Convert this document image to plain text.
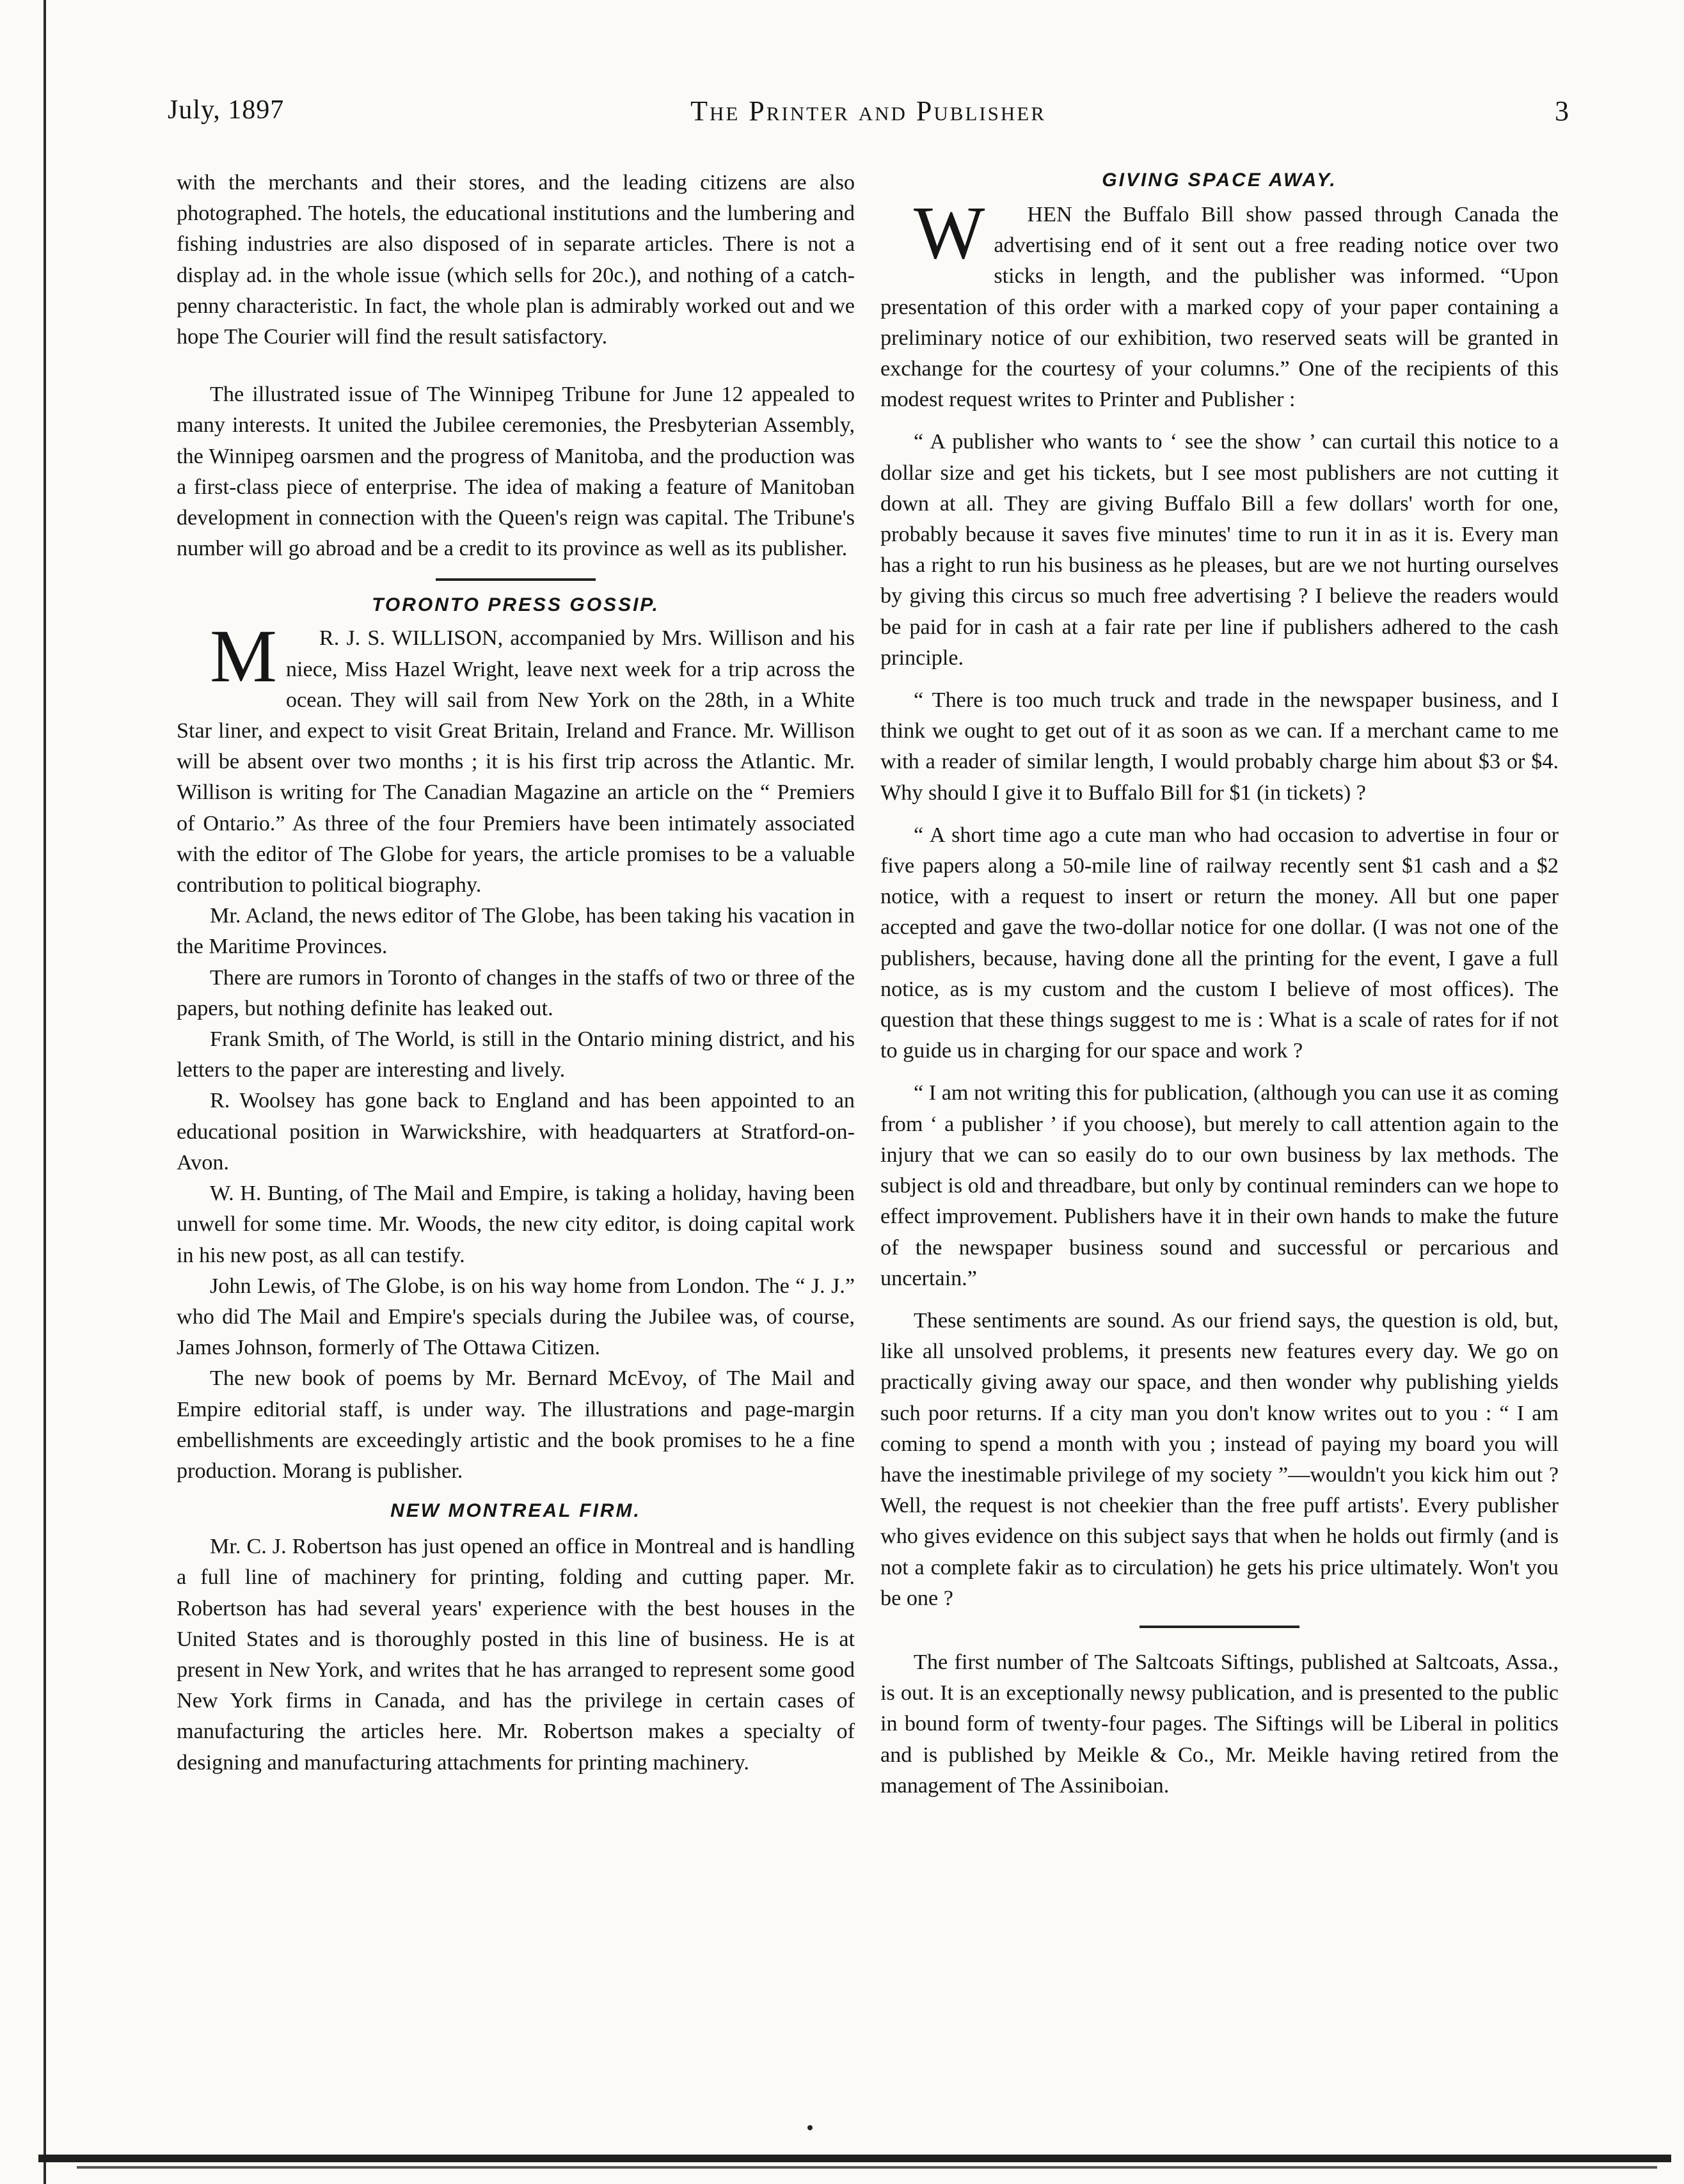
July, 1897	The Printer and Publisher	3

with the merchants and their stores, and the leading citizens are also photographed. The hotels, the educational institutions and the lumbering and fishing industries are also disposed of in separate articles. There is not a display ad. in the whole issue (which sells for 20c.), and nothing of a catch-penny characteristic. In fact, the whole plan is admirably worked out and we hope The Courier will find the result satisfactory.

The illustrated issue of The Winnipeg Tribune for June 12 appealed to many interests. It united the Jubilee ceremonies, the Presbyterian Assembly, the Winnipeg oarsmen and the progress of Manitoba, and the production was a first-class piece of enterprise. The idea of making a feature of Manitoban development in connection with the Queen's reign was capital. The Tribune's number will go abroad and be a credit to its province as well as its publisher.

TORONTO PRESS GOSSIP.

M R. J. S. WILLISON, accompanied by Mrs. Willison and his niece, Miss Hazel Wright, leave next week for a trip across the ocean. They will sail from New York on the 28th, in a White Star liner, and expect to visit Great Britain, Ireland and France. Mr. Willison will be absent over two months ; it is his first trip across the Atlantic. Mr. Willison is writing for The Canadian Magazine an article on the “ Premiers of Ontario.” As three of the four Premiers have been intimately associated with the editor of The Globe for years, the article promises to be a valuable contribution to political biography.

Mr. Acland, the news editor of The Globe, has been taking his vacation in the Maritime Provinces.

There are rumors in Toronto of changes in the staffs of two or three of the papers, but nothing definite has leaked out.

Frank Smith, of The World, is still in the Ontario mining district, and his letters to the paper are interesting and lively.

R. Woolsey has gone back to England and has been appointed to an educational position in Warwickshire, with headquarters at Stratford-on-Avon.

W. H. Bunting, of The Mail and Empire, is taking a holiday, having been unwell for some time. Mr. Woods, the new city editor, is doing capital work in his new post, as all can testify.

John Lewis, of The Globe, is on his way home from London. The “ J. J.” who did The Mail and Empire's specials during the Jubilee was, of course, James Johnson, formerly of The Ottawa Citizen.

The new book of poems by Mr. Bernard McEvoy, of The Mail and Empire editorial staff, is under way. The illustrations and page-margin embellishments are exceedingly artistic and the book promises to he a fine production. Morang is publisher.

NEW MONTREAL FIRM.

Mr. C. J. Robertson has just opened an office in Montreal and is handling a full line of machinery for printing, folding and cutting paper. Mr. Robertson has had several years' experience with the best houses in the United States and is thoroughly posted in this line of business. He is at present in New York, and writes that he has arranged to represent some good New York firms in Canada, and has the privilege in certain cases of manufacturing the articles here. Mr. Robertson makes a specialty of designing and manufacturing attachments for printing machinery.

GIVING SPACE AWAY.

W HEN the Buffalo Bill show passed through Canada the advertising end of it sent out a free reading notice over two sticks in length, and the publisher was informed. “Upon presentation of this order with a marked copy of your paper containing a preliminary notice of our exhibition, two reserved seats will be granted in exchange for the courtesy of your columns.” One of the recipients of this modest request writes to Printer and Publisher :

“ A publisher who wants to ‘ see the show ’ can curtail this notice to a dollar size and get his tickets, but I see most publishers are not cutting it down at all. They are giving Buffalo Bill a few dollars' worth for one, probably because it saves five minutes' time to run it in as it is. Every man has a right to run his business as he pleases, but are we not hurting ourselves by giving this circus so much free advertising ? I believe the readers would be paid for in cash at a fair rate per line if publishers adhered to the cash principle.

“ There is too much truck and trade in the newspaper business, and I think we ought to get out of it as soon as we can. If a merchant came to me with a reader of similar length, I would probably charge him about $3 or $4. Why should I give it to Buffalo Bill for $1 (in tickets) ?

“ A short time ago a cute man who had occasion to advertise in four or five papers along a 50-mile line of railway recently sent $1 cash and a $2 notice, with a request to insert or return the money. All but one paper accepted and gave the two-dollar notice for one dollar. (I was not one of the publishers, because, having done all the printing for the event, I gave a full notice, as is my custom and the custom I believe of most offices). The question that these things suggest to me is : What is a scale of rates for if not to guide us in charging for our space and work ?

“ I am not writing this for publication, (although you can use it as coming from ‘ a publisher ’ if you choose), but merely to call attention again to the injury that we can so easily do to our own business by lax methods. The subject is old and threadbare, but only by continual reminders can we hope to effect improvement. Publishers have it in their own hands to make the future of the newspaper business sound and successful or percarious and uncertain.”

These sentiments are sound. As our friend says, the question is old, but, like all unsolved problems, it presents new features every day. We go on practically giving away our space, and then wonder why publishing yields such poor returns. If a city man you don't know writes out to you : “ I am coming to spend a month with you ; instead of paying my board you will have the inestimable privilege of my society ”—wouldn't you kick him out ? Well, the request is not cheekier than the free puff artists'. Every publisher who gives evidence on this subject says that when he holds out firmly (and is not a complete fakir as to circulation) he gets his price ultimately. Won't you be one ?

The first number of The Saltcoats Siftings, published at Saltcoats, Assa., is out. It is an exceptionally newsy publication, and is presented to the public in bound form of twenty-four pages. The Siftings will be Liberal in politics and is published by Meikle & Co., Mr. Meikle having retired from the management of The Assiniboian.
